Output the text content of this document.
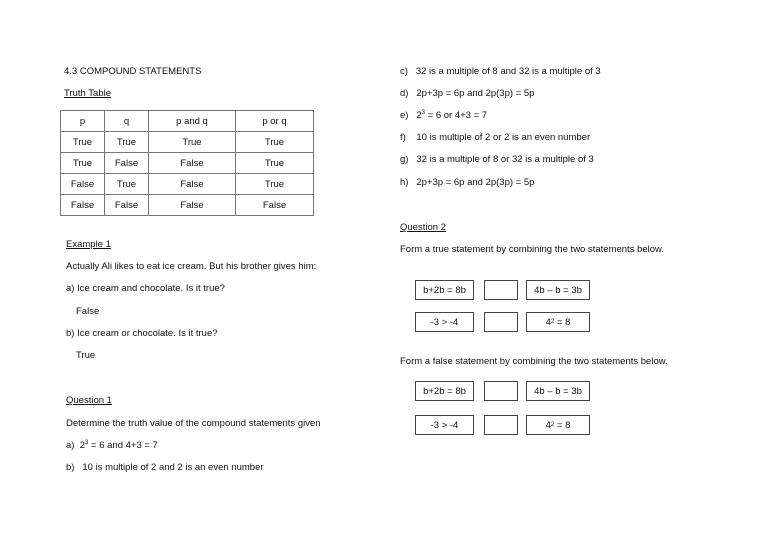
4.3 COMPOUND STATEMENTS
Truth Table
p	q	p and q	p or q
True	True	True	True
True	False	False	True
False	True	False	True
False	False	False	False
Example 1
Actually Ali likes to eat ice cream. But his brother gives him:
a) Ice cream and chocolate. Is it true?
False
b) Ice cream or chocolate. Is it true?
True
Question 1
Determine the truth value of the compound statements given
a) $2^3 = 6$ and 4+3 = 7
b) 10 is multiple of 2 and 2 is an even number
c) 32 is a multiple of 8 and 32 is a multiple of 3
d) 2p+3p = 6p and 2p(3p) = 5p
e) $2^3 = 6$ or 4+3 = 7
f) 10 is multiple of 2 or 2 is an even number
g) 32 is a multiple of 8 or 32 is a multiple of 3
h) 2p+3p = 6p and 2p(3p) = 5p
Question 2
Form a true statement by combining the two statements below.
b+2b = 8b	4b – b = 3b
-3 > -4	4 2 = 8
Form a false statement by combining the two statements below.
b+2b = 8b	4b – b = 3b
-3 > -4	4 2 = 8
